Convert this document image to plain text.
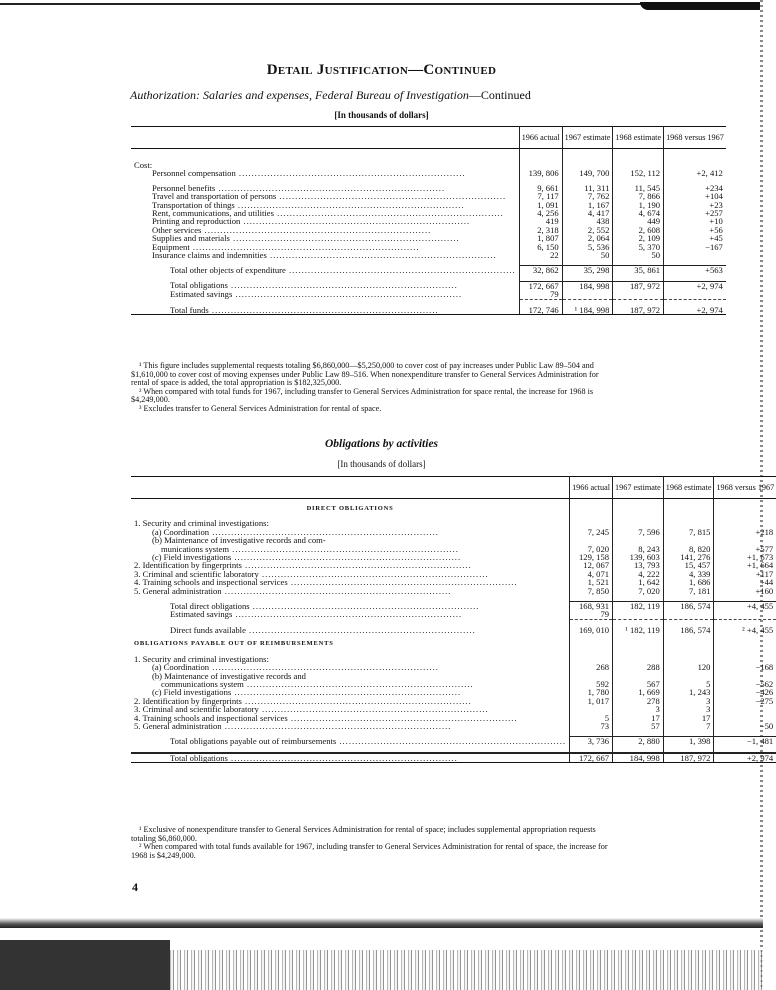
Detail Justification—Continued
Authorization: Salaries and expenses, Federal Bureau of Investigation—Continued
[In thousands of dollars]
	1966 actual	1967 estimate	1968 estimate	1968 versus 1967

Cost:				
Personnel compensation .....	139, 806	149, 700	152, 112	+2, 412

Personnel benefits .....	9, 661	11, 311	11, 545	+234
Travel and transportation of persons .....	7, 117	7, 762	7, 866	+104
Transportation of things .....	1, 091	1, 167	1, 190	+23
Rent, communications, and utilities .....	4, 256	4, 417	4, 674	+257
Printing and reproduction .....	419	438	449	+10
Other services .....	2, 318	2, 552	2, 608	+56
Supplies and materials .....	1, 807	2, 064	2, 109	+45
Equipment .....	6, 150	5, 536	5, 370	−167
Insurance claims and indemnities .....	22	50	50	

Total other objects of expenditure .....	32, 862	35, 298	35, 861	+563

Total obligations .....	172, 667	184, 998	187, 972	+2, 974
Estimated savings .....	79			

Total funds .....	172, 746	¹ 184, 998	187, 972	+2, 974

¹ This figure includes supplemental requests totaling $6,860,000—$5,250,000 to cover cost of pay increases under Public Law 89–504 and $1,610,000 to cover cost of moving expenses under Public Law 89–516. When nonexpenditure transfer to General Services Administration for rental of space is added, the total appropriation is $182,325,000.

² When compared with total funds for 1967, including transfer to General Services Administration for space rental, the increase for 1968 is $4,249,000.

³ Excludes transfer to General Services Administration for rental of space.

Obligations by activities
[In thousands of dollars]
	1966 actual	1967 estimate	1968 estimate	1968 versus 1967

DIRECT OBLIGATIONS				

1. Security and criminal investigations:				
(a) Coordination .....	7, 245	7, 596	7, 815	+218
(b) Maintenance of investigative records and com-				
munications system .....	7, 020	8, 243	8, 820	+577
(c) Field investigations .....	129, 158	139, 603	141, 276	+1, 673
2. Identification by fingerprints .....	12, 067	13, 793	15, 457	+1, 664
3. Criminal and scientific laboratory .....	4, 071	4, 222	4, 339	+117
4. Training schools and inspectional services .....	1, 521	1, 642	1, 686	+44
5. General administration .....	7, 850	7, 020	7, 181	+160

Total direct obligations .....	168, 931	182, 119	186, 574	+4, 455
Estimated savings .....	79			

Direct funds available .....	169, 010	¹ 182, 119	186, 574	² +4, 455

OBLIGATIONS PAYABLE OUT OF REIMBURSEMENTS				

1. Security and criminal investigations:				
(a) Coordination .....	268	288	120	−168
(b) Maintenance of investigative records and				
communications system .....	592	567	5	−562
(c) Field investigations .....	1, 780	1, 669	1, 243	−426
2. Identification by fingerprints .....	1, 017	278	3	−275
3. Criminal and scientific laboratory .....		3	3	
4. Training schools and inspectional services .....	5	17	17	
5. General administration .....	73	57	7	−50

Total obligations payable out of reimbursements .....	3, 736	2, 880	1, 398	−1, 481

Total obligations .....	172, 667	184, 998	187, 972	+2, 974

¹ Exclusive of nonexpenditure transfer to General Services Administration for rental of space; includes supplemental appropriation requests totaling $6,860,000.

² When compared with total funds available for 1967, including transfer to General Services Administration for rental of space, the increase for 1968 is $4,249,000.

4
